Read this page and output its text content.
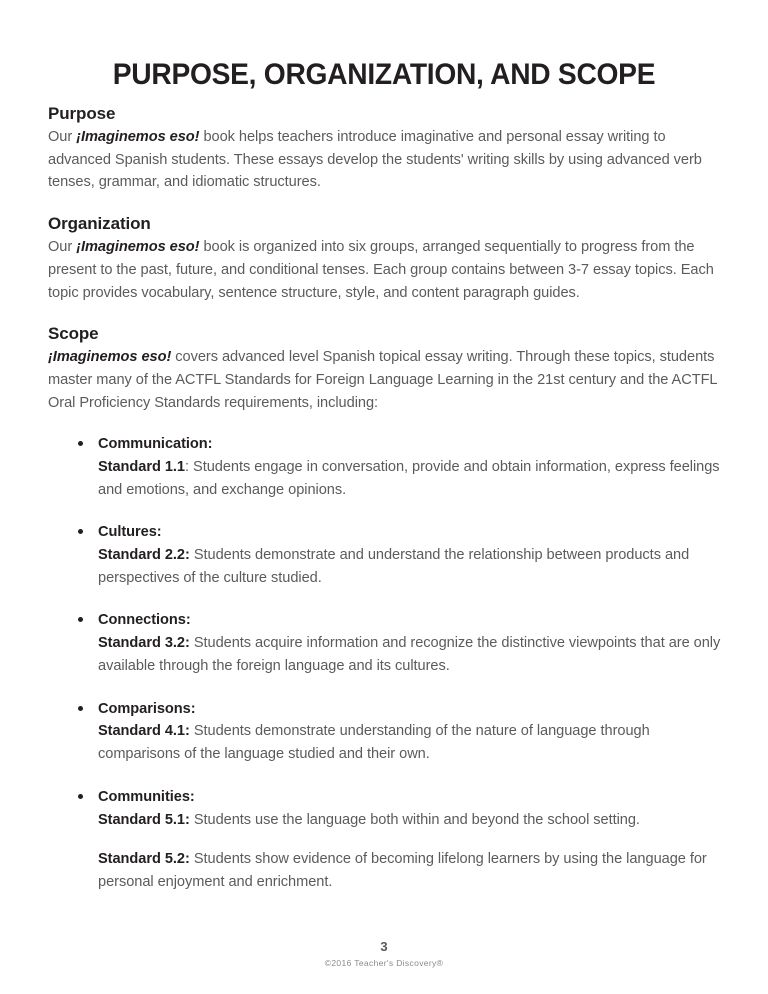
PURPOSE, ORGANIZATION, AND SCOPE
Purpose

Our ¡Imaginemos eso! book helps teachers introduce imaginative and personal essay writing to advanced Spanish students. These essays develop the students' writing skills by using advanced verb tenses, grammar, and idiomatic structures.

Organization

Our ¡Imaginemos eso! book is organized into six groups, arranged sequentially to progress from the present to the past, future, and conditional tenses. Each group contains between 3-7 essay topics. Each topic provides vocabulary, sentence structure, style, and content paragraph guides.

Scope

¡Imaginemos eso! covers advanced level Spanish topical essay writing. Through these topics, students master many of the ACTFL Standards for Foreign Language Learning in the 21st century and the ACTFL Oral Proficiency Standards requirements, including:

Communication:
Standard 1.1: Students engage in conversation, provide and obtain information, express feelings and emotions, and exchange opinions.
Cultures:
Standard 2.2: Students demonstrate and understand the relationship between products and perspectives of the culture studied.
Connections:
Standard 3.2: Students acquire information and recognize the distinctive viewpoints that are only available through the foreign language and its cultures.
Comparisons:
Standard 4.1: Students demonstrate understanding of the nature of language through comparisons of the language studied and their own.
Communities:
Standard 5.1: Students use the language both within and beyond the school setting.
Standard 5.2: Students show evidence of becoming lifelong learners by using the language for personal enjoyment and enrichment.
3
©2016 Teacher's Discovery®
